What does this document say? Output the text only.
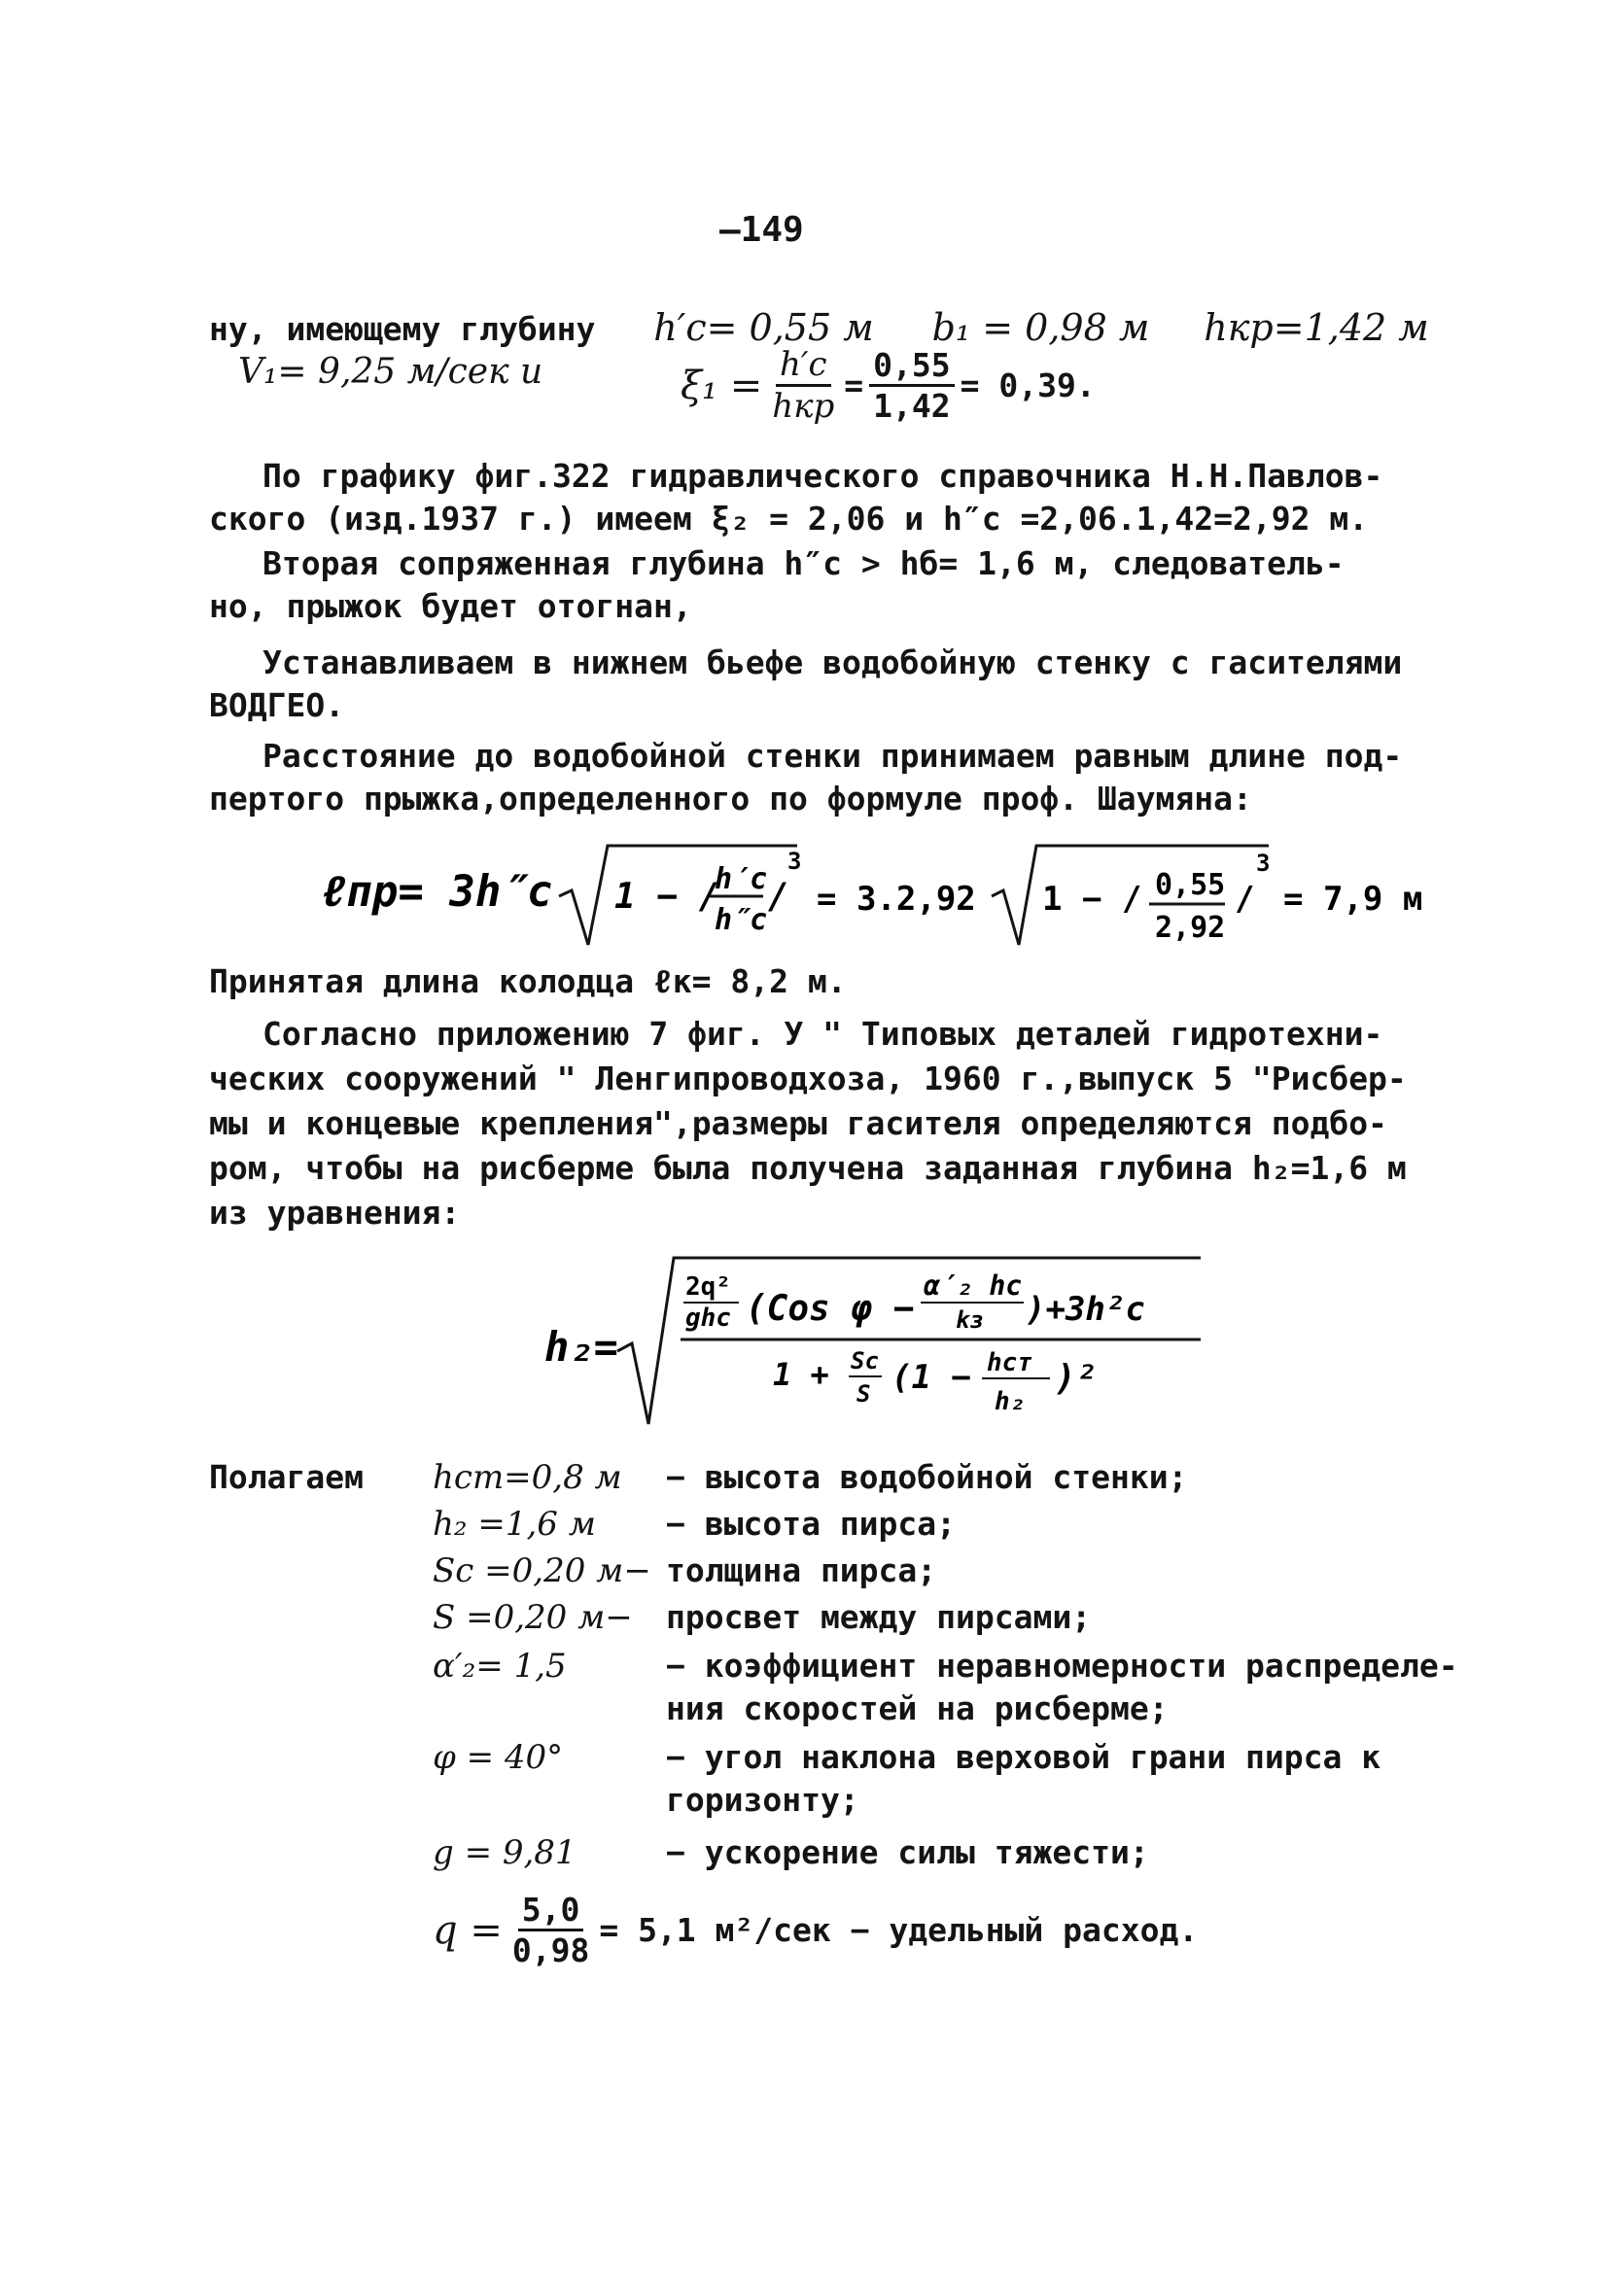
—149
ну, имеющему глубину h′c= 0,55 м b₁ = 0,98 м hкр=1,42 м
V₁= 9,25 м/сек и	$\xi_1 = \frac{h'c}{\text{hкр}} = \frac{0,55}{1,42} = 0,39$.
По графику фиг.322 гидравлического справочника Н.Н.Павлов-
ского (изд.1937 г.) имеем ξ₂ = 2,06 и h″c =2,06.1,42=2,92 м.
Вторая сопряженная глубина h″c > hб= 1,6 м, следователь-
но, прыжок будет отогнан,
Устанавливаем в нижнем бьефе водобойную стенку с гасителями
ВОДГЕО.
Расстояние до водобойной стенки принимаем равным длине под-
пертого прыжка,определенного по формуле проф. Шаумяна:
ℓпр= 3h″c 1 − /
h′c
h″c
/
3
= 3.2,92 1 − / 0,55
2,92
/
3
= 7,9 м
Принятая длина колодца ℓк= 8,2 м.
Согласно приложению 7 фиг. У " Типовых деталей гидротехни-
ческих сооружений " Ленгипроводхоза, 1960 г.,выпуск 5 "Рисбер-
мы и концевые крепления",размеры гасителя определяются подбо-
ром, чтобы на рисберме была получена заданная глубина h₂=1,6 м
из уравнения:
h₂=
2q²
ghc (Cos φ −
α′₂ hc
kз )+3h²c
1 + Sc
S (1 − hст
h₂
)²
Полагаем hст=0,8 м − высота водобойной стенки;
h₂ =1,6 м − высота пирса;
Sc =0,20 м− толщина пирса;
S =0,20 м− просвет между пирсами;
α′₂= 1,5	− коэффициент неравномерности распределе-
ния скоростей на рисберме;
φ = 40°	− угол наклона верховой грани пирса к
горизонту;
g = 9,81	− ускорение силы тяжести;
$q = \frac{5,0}{0,98} = 5,1$ м²/сек − удельный расход.
